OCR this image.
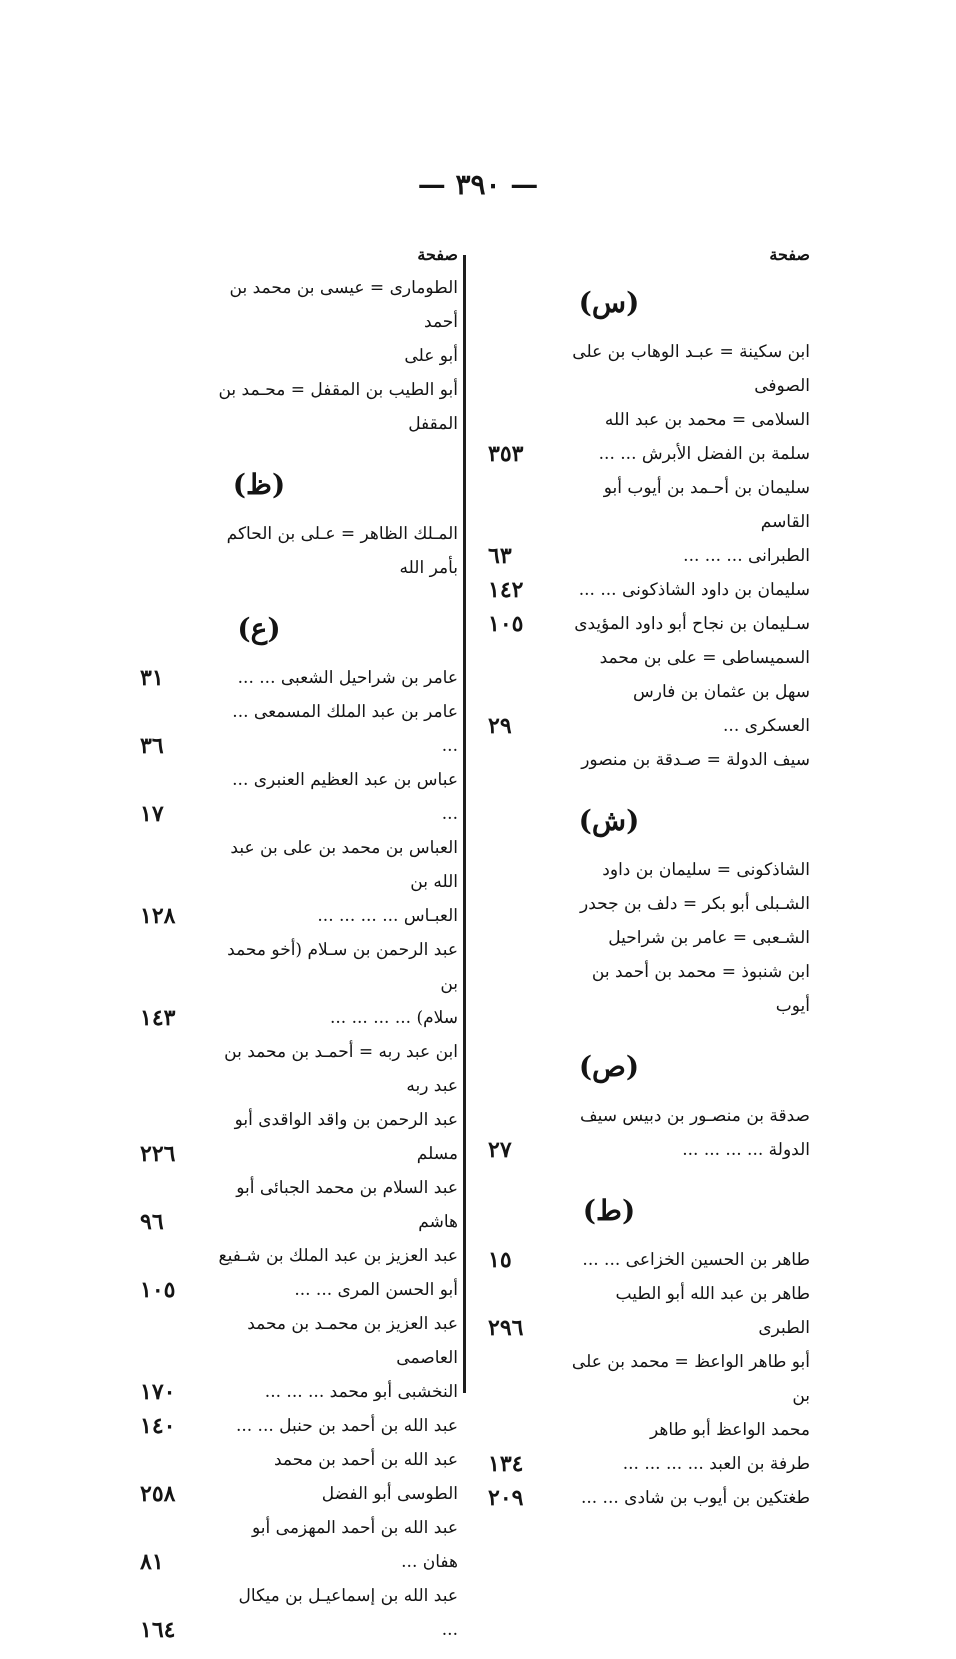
— ٣٩٠ —
صفحة
(س)
ابن سكينة = عبـد الوهاب بن على
الصوفى
السلامى = محمد بن عبد الله
سلمة بن الفضل الأبرش ... ...
٣٥٣
سليمان بن أحـمد بن أيوب أبو القاسم
الطبرانى ... ... ...
٦٣
سليمان بن داود الشاذكونى ... ...
١٤٢
سـليمان بن نجاح أبو داود المؤيدى
١٠٥
السميساطى = على بن محمد
سهل بن عثمان بن فارس العسكرى ...
٢٩
سيف الدولة = صـدقة بن منصور
(ش)
الشاذكونى = سليمان بن داود
الشـبلى أبو بكر = دلف بن جحدر
الشـعبى = عامر بن شراحيل
ابن شنبوذ = محمد بن أحمد بن أيوب
(ص)
صدقة بن منصـور بن دبيس سيف
الدولة ... ... ... ...
٢٧
(ط)
طاهر بن الحسين الخزاعى ... ...
١٥
طاهر بن عبد الله أبو الطيب الطبرى
٢٩٦
أبو طاهر الواعظ = محمد بن على بن
محمد الواعظ أبو طاهر
طرفة بن العبد ... ... ... ...
١٣٤
طغتكين بن أيوب بن شادى ... ...
٢٠٩
صفحة
الطومارى = عيسى بن محمد بن أحمد
أبو على
أبو الطيب بن المقفل = محـمد بن
المقفل
(ظ)
المـلك الظاهر = عـلى بن الحاكم
بأمر الله
(ع)
عامر بن شراحيل الشعبى ... ...
٣١
عامر بن عبد الملك المسمعى ... ...
٣٦
عباس بن عبد العظيم العنبرى ... ...
١٧
العباس بن محمد بن على بن عبد الله بن
العبـاس ... ... ... ...
١٢٨
عبد الرحمن بن سـلام (أخو محمد بن
سلام) ... ... ... ...
١٤٣
ابن عبد ربه = أحمـد بن محمد بن
عبد ربه
عبد الرحمن بن واقد الواقدى أبو مسلم
٢٢٦
عبد السلام بن محمد الجبائى أبو هاشم
٩٦
عبد العزيز بن عبد الملك بن شـفيع
أبو الحسن المرى ... ...
١٠٥
عبد العزيز بن محمـد بن محمد العاصمى
النخشبى أبو محمد ... ... ...
١٧٠
عبد الله بن أحمد بن حنبل ... ...
١٤٠
عبد الله بن أحمد بن محمد الطوسى أبو الفضل
٢٥٨
عبد الله بن أحمد المهزمى أبو هفان ...
٨١
عبد الله بن إسماعيـل بن ميكال ...
١٦٤
